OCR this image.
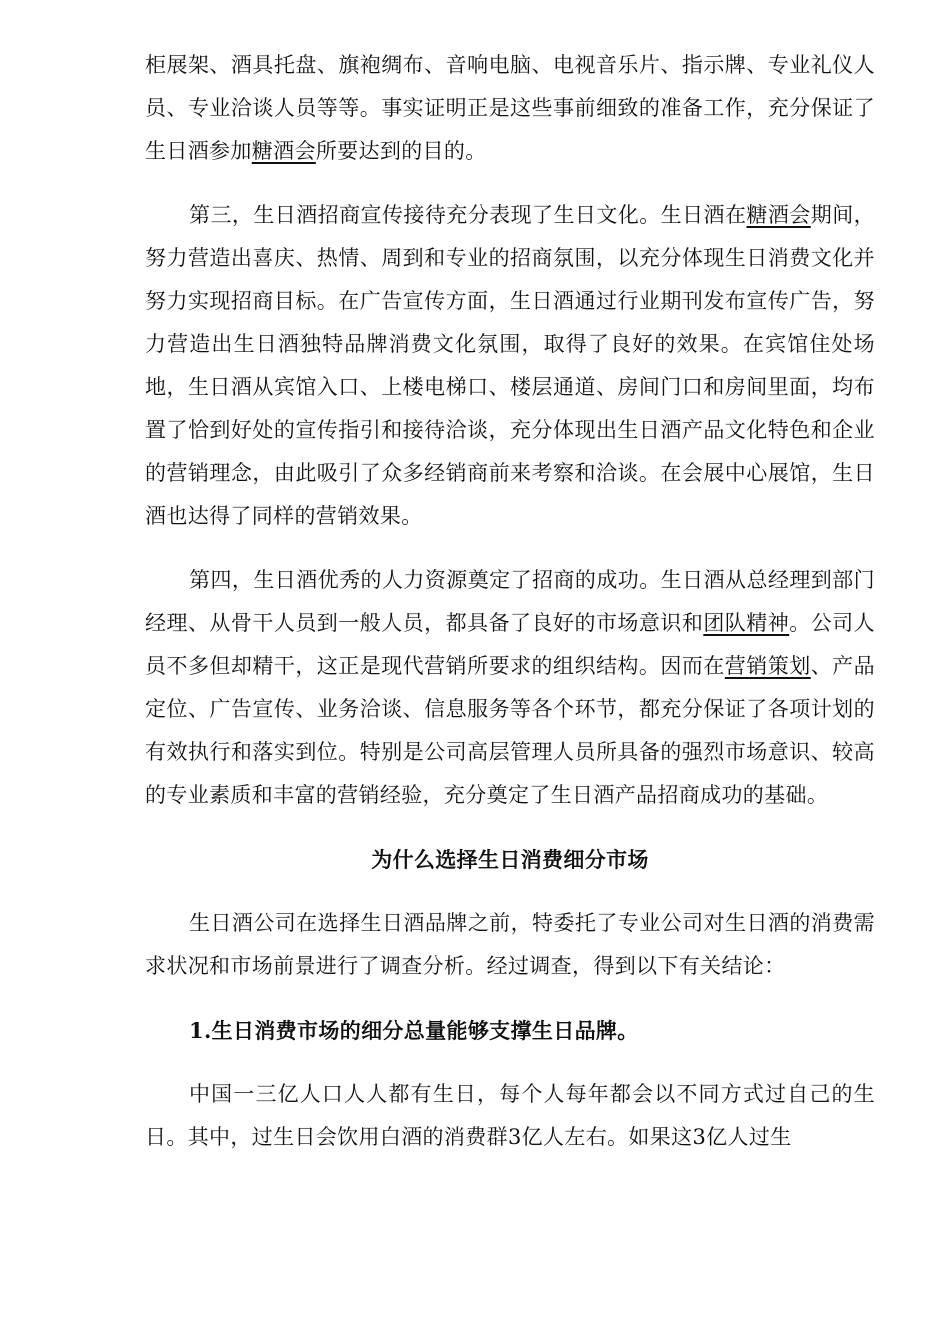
柜展架、酒具托盘、旗袍绸布、音响电脑、电视音乐片、指示牌、专业礼仪人员、专业洽谈人员等等。事实证明正是这些事前细致的准备工作，充分保证了生日酒参加糖酒会所要达到的目的。

第三，生日酒招商宣传接待充分表现了生日文化。生日酒在糖酒会期间，努力营造出喜庆、热情、周到和专业的招商氛围，以充分体现生日消费文化并努力实现招商目标。在广告宣传方面，生日酒通过行业期刊发布宣传广告，努力营造出生日酒独特品牌消费文化氛围，取得了良好的效果。在宾馆住处场地，生日酒从宾馆入口、上楼电梯口、楼层通道、房间门口和房间里面，均布置了恰到好处的宣传指引和接待洽谈，充分体现出生日酒产品文化特色和企业的营销理念，由此吸引了众多经销商前来考察和洽谈。在会展中心展馆，生日酒也达得了同样的营销效果。

第四，生日酒优秀的人力资源奠定了招商的成功。生日酒从总经理到部门经理、从骨干人员到一般人员，都具备了良好的市场意识和团队精神。公司人员不多但却精干，这正是现代营销所要求的组织结构。因而在营销策划、产品定位、广告宣传、业务洽谈、信息服务等各个环节，都充分保证了各项计划的有效执行和落实到位。特别是公司高层管理人员所具备的强烈市场意识、较高的专业素质和丰富的营销经验，充分奠定了生日酒产品招商成功的基础。

为什么选择生日消费细分市场

生日酒公司在选择生日酒品牌之前，特委托了专业公司对生日酒的消费需求状况和市场前景进行了调查分析。经过调查，得到以下有关结论：

1.生日消费市场的细分总量能够支撑生日品牌。

中国一三亿人口人人都有生日，每个人每年都会以不同方式过自己的生日。其中，过生日会饮用白酒的消费群3亿人左右。如果这3亿人过生
